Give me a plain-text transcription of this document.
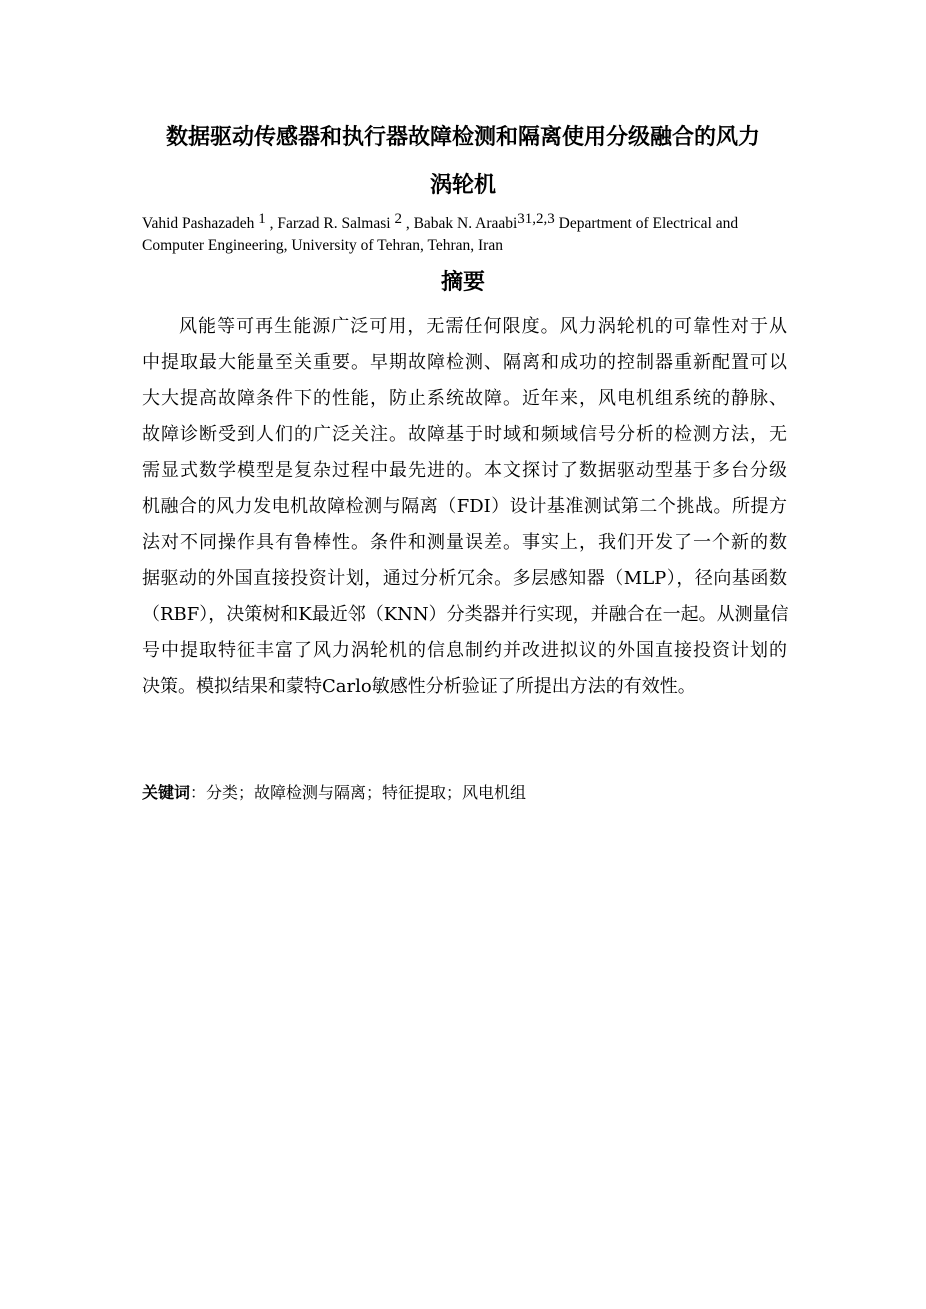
数据驱动传感器和执行器故障检测和隔离使用分级融合的风力
涡轮机
Vahid Pashazadeh $^1$ , Farzad R. Salmasi $^2$ , Babak N. Araabi$^{31,2,3}$ Department of Electrical and Computer Engineering, University of Tehran, Tehran, Iran
摘要
风能等可再生能源广泛可用，无需任何限度。风力涡轮机的可靠性对于从
中提取最大能量至关重要。早期故障检测、隔离和成功的控制器重新配置可以
大大提高故障条件下的性能，防止系统故障。近年来，风电机组系统的静脉、
故障诊断受到人们的广泛关注。故障基于时域和频域信号分析的检测方法，无
需显式数学模型是复杂过程中最先进的。本文探讨了数据驱动型基于多台分级
机融合的风力发电机故障检测与隔离（FDI）设计基准测试第二个挑战。所提方
法对不同操作具有鲁棒性。条件和测量误差。事实上，我们开发了一个新的数
据驱动的外国直接投资计划，通过分析冗余。多层感知器（MLP），径向基函数
（RBF），决策树和K最近邻（KNN）分类器并行实现，并融合在一起。从测量信
号中提取特征丰富了风力涡轮机的信息制约并改进拟议的外国直接投资计划的
决策。模拟结果和蒙特Carlo敏感性分析验证了所提出方法的有效性。
关键词：分类；故障检测与隔离；特征提取；风电机组
